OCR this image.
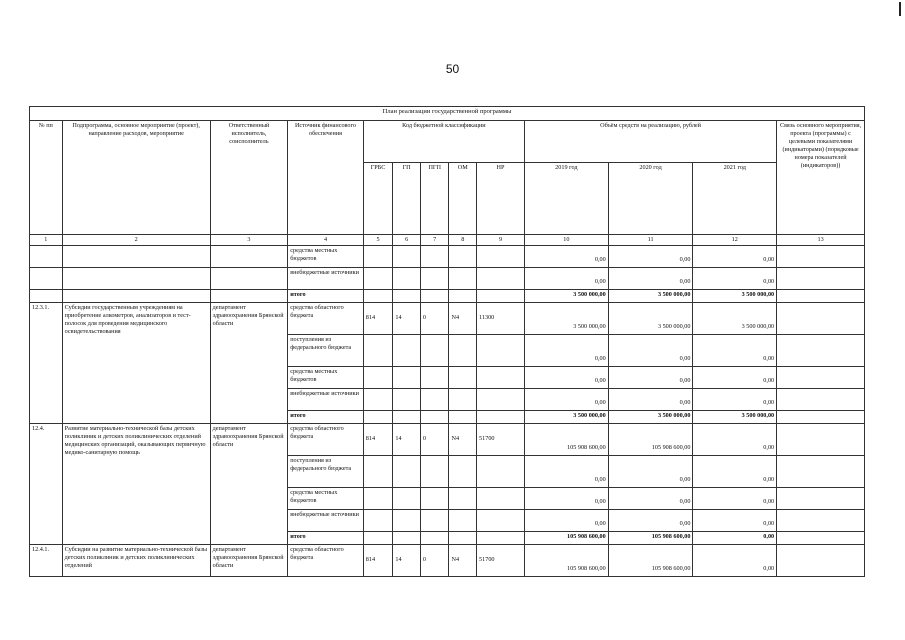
50
План реализации государственной программы												
№ пп	Подпрограмма, основное мероприятие (проект), направление расходов, мероприятие	Ответственный исполнитель, соисполнитель	Источник финансового обеспечения	Код бюджетной классификации					Объём средств на реализацию, рублей			Связь основного мероприятия, проекта (программы) с целевыми показателями (индикаторами) (порядковые номера показателей (индикаторов))
				ГРБС	ГП	ПГП	ОМ	НР	2019 год	2020 год	2021 год	

1	2	3	4	5	6	7	8	9	10	11	12	13
			средства местных бюджетов						0,00	0,00	0,00	
			внебюджетные источники						0,00	0,00	0,00	
			итого						3 500 000,00	3 500 000,00	3 500 000,00	
12.3.1.	Субсидии государственным учреждениям на приобретение алкометров, анализаторов и тест-полосок для проведения медицинского освидетельствования	департамент здравоохранения Брянской области	средства областного бюджета	814	14	0	N4	11300	3 500 000,00	3 500 000,00	3 500 000,00	
			поступления из федерального бюджета						0,00	0,00	0,00	
			средства местных бюджетов						0,00	0,00	0,00	
			внебюджетные источники						0,00	0,00	0,00	
			итого						3 500 000,00	3 500 000,00	3 500 000,00	
12.4.	Развитие материально-технической базы детских поликлиник и детских поликлинических отделений медицинских организаций, оказывающих первичную медико-санитарную помощь	департамент здравоохранения Брянской области	средства областного бюджета	814	14	0	N4	51700	105 908 600,00	105 908 600,00	0,00	
			поступления из федерального бюджета						0,00	0,00	0,00	
			средства местных бюджетов						0,00	0,00	0,00	
			внебюджетные источники						0,00	0,00	0,00	
			итого						105 908 600,00	105 908 600,00	0,00	
12.4.1.	Субсидии на развитие материально-технической базы детских поликлиник и детских поликлинических отделений	департамент здравоохранения Брянской области	средства областного бюджета	814	14	0	N4	51700	105 908 600,00	105 908 600,00	0,00	
